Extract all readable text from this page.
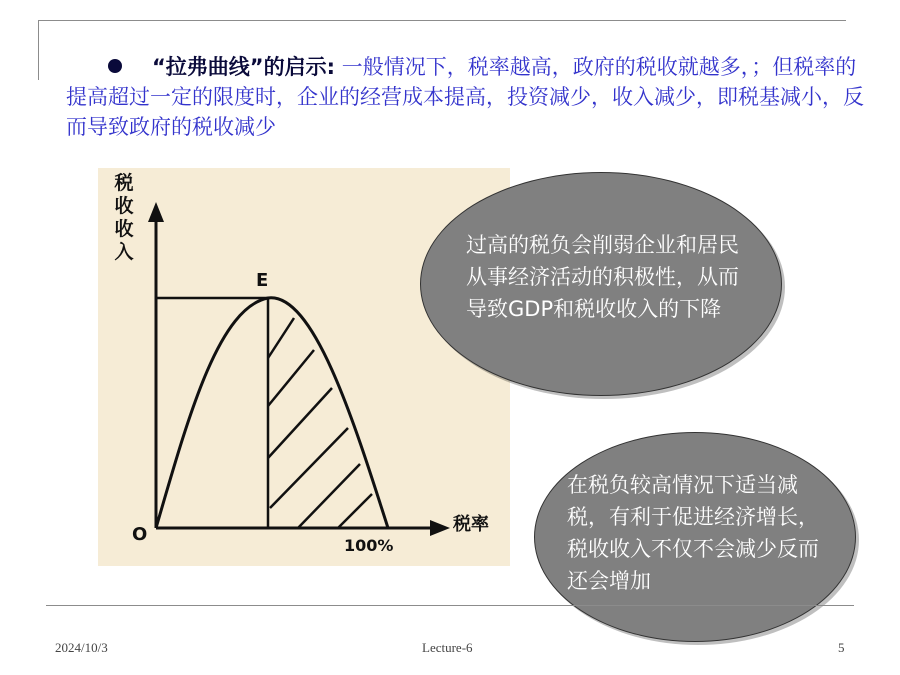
“拉弗曲线”的启示: 一般情况下，税率越高，政府的税收就越多，；但税率的提高超过一定的限度时，企业的经营成本提高，投资减少，收入减少，即税基减小，反而导致政府的税收减少
税收收入
E
O	税率
100%
过高的税负会削弱企业和居民从事经济活动的积极性，从而导致GDP和税收收入的下降
在税负较高情况下适当减税，有利于促进经济增长，税收收入不仅不会减少反而还会增加
2024/10/3	Lecture-6	5
